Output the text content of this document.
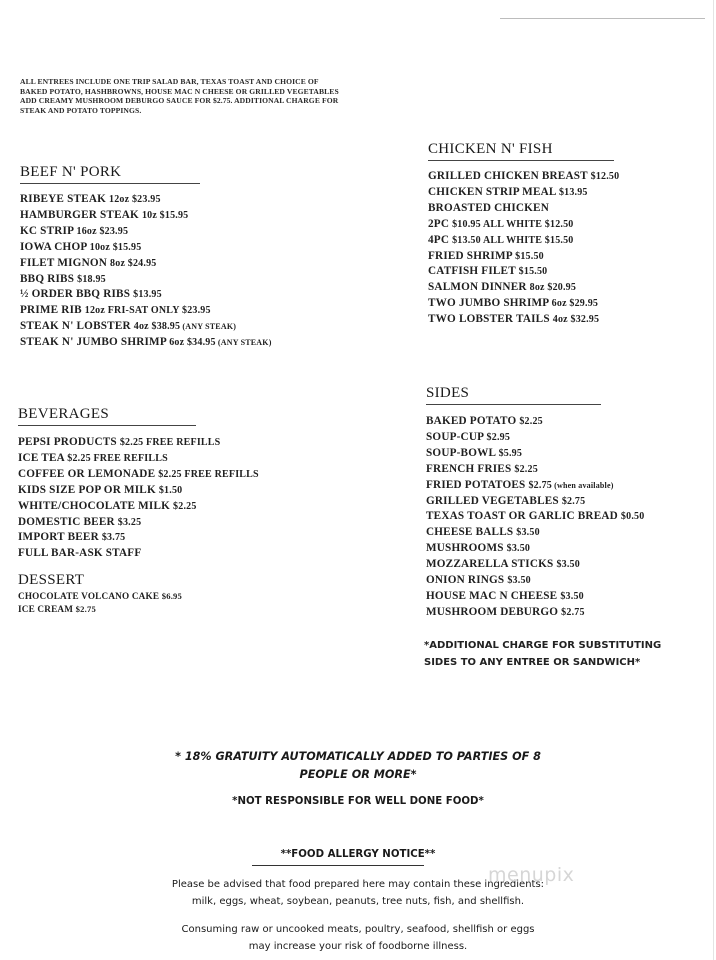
ALL ENTREES INCLUDE ONE TRIP SALAD BAR, TEXAS TOAST AND CHOICE OF
BAKED POTATO, HASHBROWNS, HOUSE MAC N CHEESE OR GRILLED VEGETABLES
ADD CREAMY MUSHROOM DEBURGO SAUCE FOR $2.75. ADDITIONAL CHARGE FOR
STEAK AND POTATO TOPPINGS.
BEEF N' PORK
RIBEYE STEAK 12oz $23.95
HAMBURGER STEAK 10z $15.95
KC STRIP 16oz $23.95
IOWA CHOP 10oz $15.95
FILET MIGNON 8oz $24.95
BBQ RIBS $18.95
½ ORDER BBQ RIBS $13.95
PRIME RIB 12oz FRI-SAT ONLY $23.95
STEAK N' LOBSTER 4oz $38.95 (ANY STEAK)
STEAK N' JUMBO SHRIMP 6oz $34.95 (ANY STEAK)
CHICKEN N' FISH
GRILLED CHICKEN BREAST $12.50
CHICKEN STRIP MEAL $13.95
BROASTED CHICKEN
2PC $10.95 ALL WHITE $12.50
4PC $13.50 ALL WHITE $15.50
FRIED SHRIMP $15.50
CATFISH FILET $15.50
SALMON DINNER 8oz $20.95
TWO JUMBO SHRIMP 6oz $29.95
TWO LOBSTER TAILS 4oz $32.95
BEVERAGES
PEPSI PRODUCTS $2.25 FREE REFILLS
ICE TEA $2.25 FREE REFILLS
COFFEE OR LEMONADE $2.25 FREE REFILLS
KIDS SIZE POP OR MILK $1.50
WHITE/CHOCOLATE MILK $2.25
DOMESTIC BEER $3.25
IMPORT BEER $3.75
FULL BAR-ASK STAFF
DESSERT
CHOCOLATE VOLCANO CAKE $6.95
ICE CREAM $2.75
SIDES
BAKED POTATO $2.25
SOUP-CUP $2.95
SOUP-BOWL $5.95
FRENCH FRIES $2.25
FRIED POTATOES $2.75 (when available)
GRILLED VEGETABLES $2.75
TEXAS TOAST OR GARLIC BREAD $0.50
CHEESE BALLS $3.50
MUSHROOMS $3.50
MOZZARELLA STICKS $3.50
ONION RINGS $3.50
HOUSE MAC N CHEESE $3.50
MUSHROOM DEBURGO $2.75
*ADDITIONAL CHARGE FOR SUBSTITUTING
SIDES TO ANY ENTREE OR SANDWICH*
* 18% GRATUITY AUTOMATICALLY ADDED TO PARTIES OF 8
PEOPLE OR MORE*
*NOT RESPONSIBLE FOR WELL DONE FOOD*
**FOOD ALLERGY NOTICE**
Please be advised that food prepared here may contain these ingredients:
milk, eggs, wheat, soybean, peanuts, tree nuts, fish, and shellfish.
Consuming raw or uncooked meats, poultry, seafood, shellfish or eggs
may increase your risk of foodborne illness.
menupix
